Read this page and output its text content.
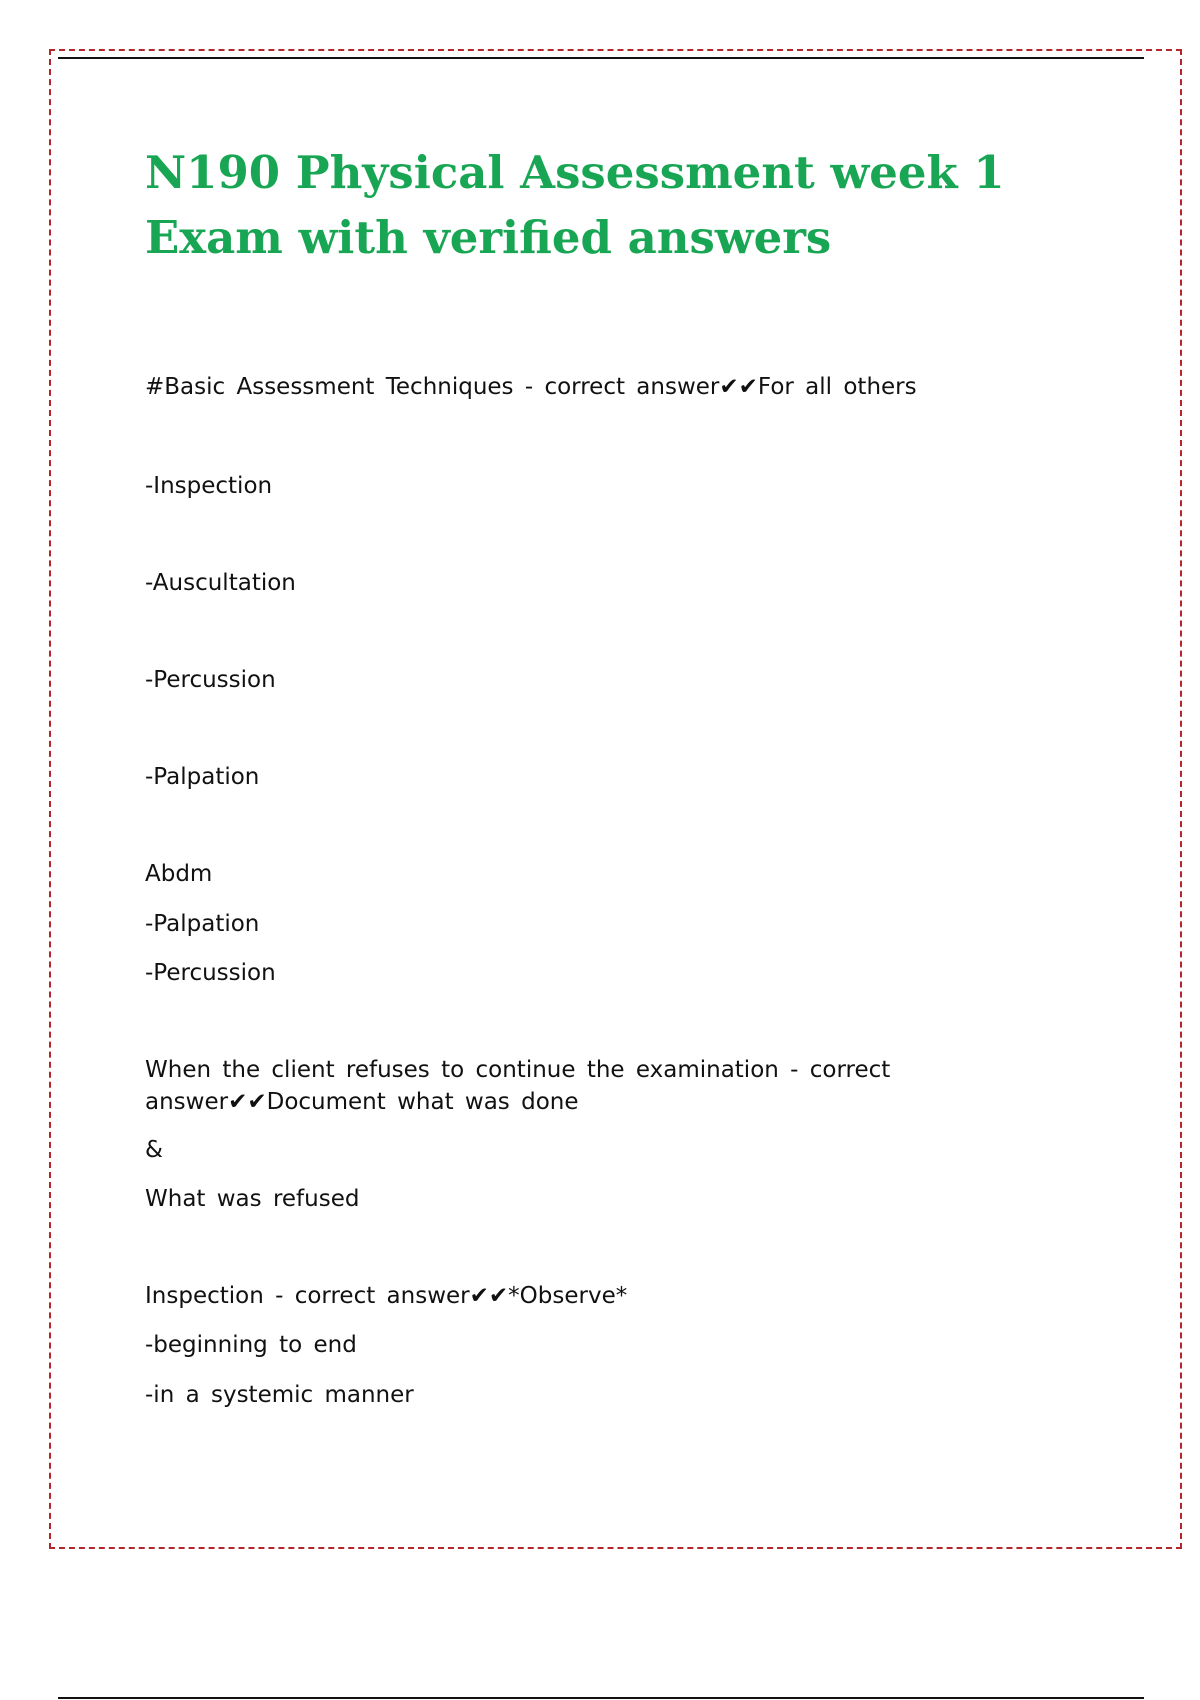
N190 Physical Assessment week 1 Exam with verified answers

#Basic Assessment Techniques - correct answer✔✔For all others

-Inspection

-Auscultation

-Percussion

-Palpation

Abdm

-Palpation

-Percussion

When the client refuses to continue the examination - correct answer✔✔Document what was done

&

What was refused

Inspection - correct answer✔✔*Observe*

-beginning to end

-in a systemic manner
